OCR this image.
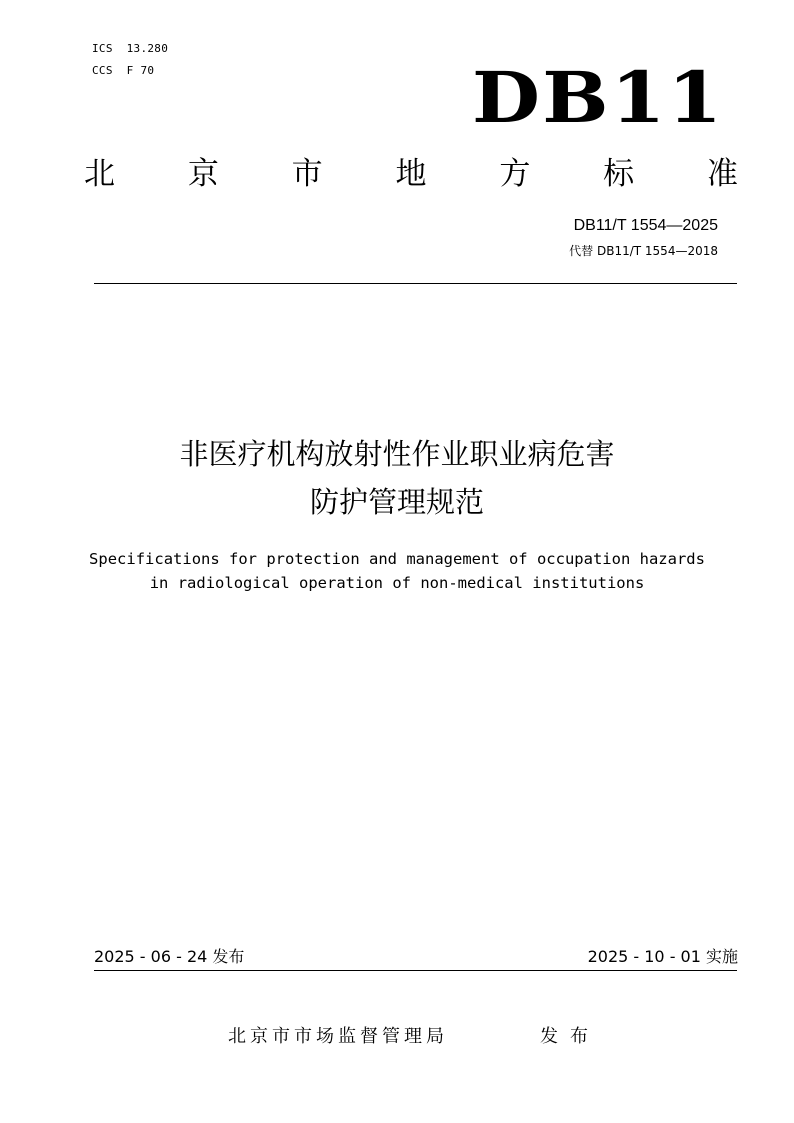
ICS  13.280
CCS  F 70	DB11
北 京 市 地 方 标 准
DB11/T 1554—2025
代替 DB11/T 1554—2018
非医疗机构放射性作业职业病危害
防护管理规范
Specifications for protection and management of occupation hazards
in radiological operation of non-medical institutions
2025 - 06 - 24 发布	2025 - 10 - 01 实施
北京市市场监督管理局	发布
